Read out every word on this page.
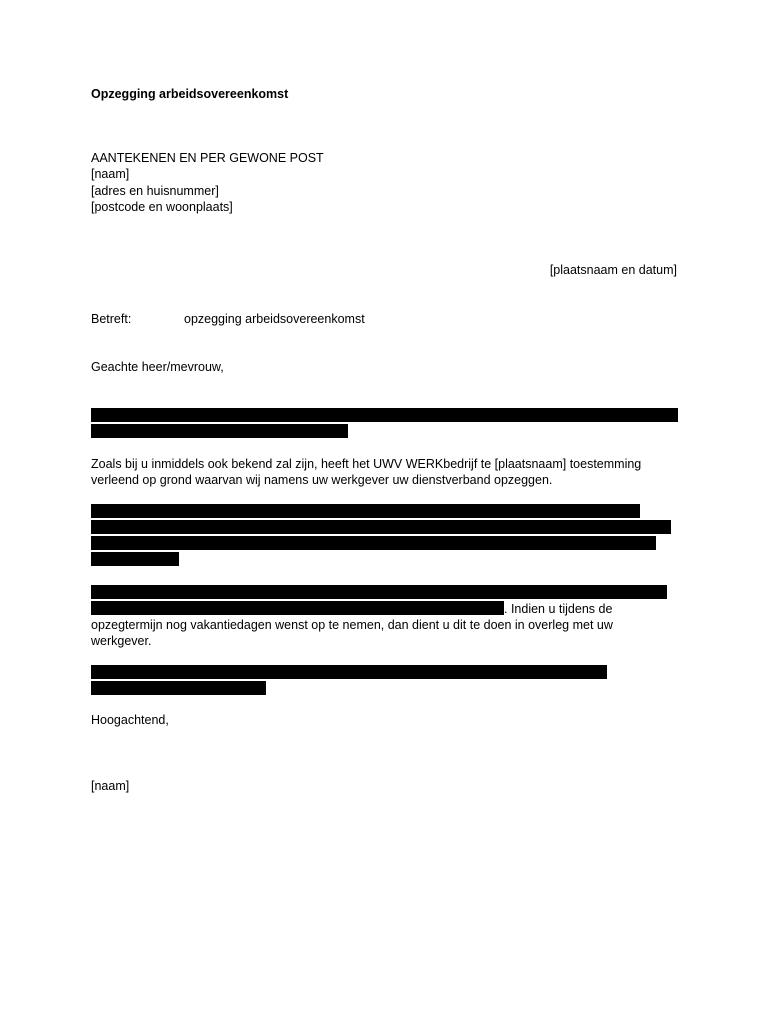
Opzegging arbeidsovereenkomst
AANTEKENEN EN PER GEWONE POST
[naam]
[adres en huisnummer]
[postcode en woonplaats]
[plaatsnaam en datum]
Betreft:	opzegging arbeidsovereenkomst
Geachte heer/mevrouw,
Zoals bij u inmiddels ook bekend zal zijn, heeft het UWV WERKbedrijf te [plaatsnaam] toestemming
verleend op grond waarvan wij namens uw werkgever uw dienstverband opzeggen.
. Indien u tijdens de
opzegtermijn nog vakantiedagen wenst op te nemen, dan dient u dit te doen in overleg met uw
werkgever.
Hoogachtend,
[naam]
